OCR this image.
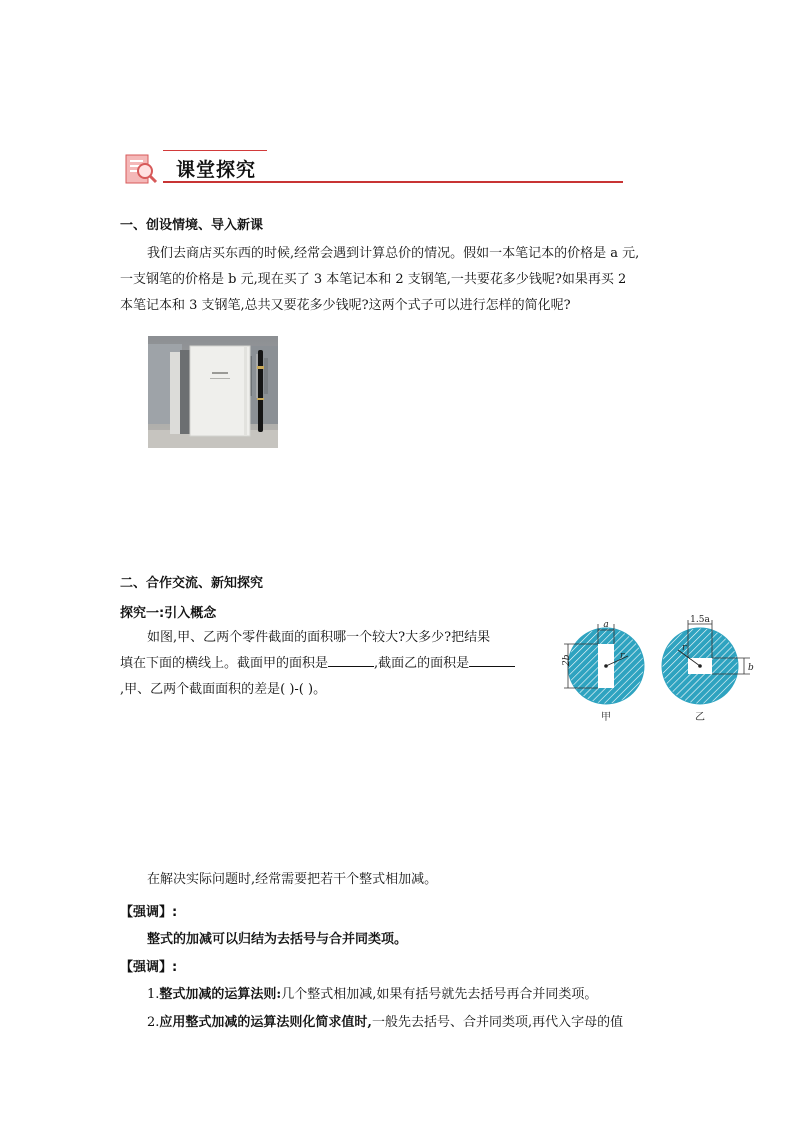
课堂探究
一、创设情境、导入新课
我们去商店买东西的时候,经常会遇到计算总价的情况。假如一本笔记本的价格是 a 元,
一支钢笔的价格是 b 元,现在买了 3 本笔记本和 2 支钢笔,一共要花多少钱呢?如果再买 2
本笔记本和 3 支钢笔,总共又要花多少钱呢?这两个式子可以进行怎样的简化呢?
二、合作交流、新知探究
探究一:引入概念
如图,甲、乙两个零件截面的面积哪一个较大?大多少?把结果
填在下面的横线上。截面甲的面积是	,截面乙的面积是
,甲、乙两个截面面积的差是( )-( )。
a
2b	r
甲
1.5a
b
r
乙
在解决实际问题时,经常需要把若干个整式相加减。
【强调】:
整式的加减可以归结为去括号与合并同类项。
【强调】:
1.整式加减的运算法则:几个整式相加减,如果有括号就先去括号再合并同类项。
2.应用整式加减的运算法则化简求值时,一般先去括号、合并同类项,再代入字母的值
